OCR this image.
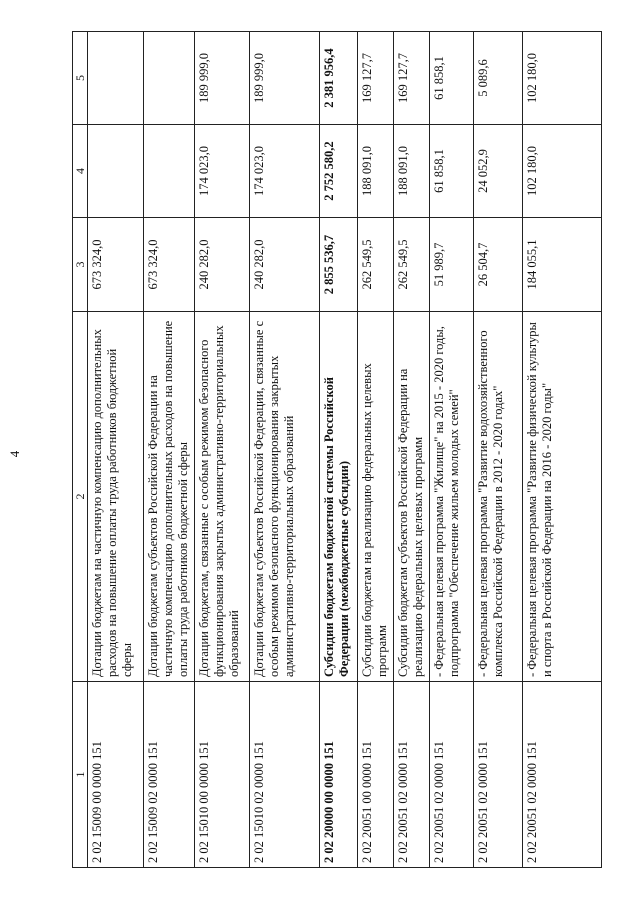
4
1	2	3	4	5
2 02 15009 00 0000 151	Дотации бюджетам на частичную компенсацию дополнительных расходов на повышение оплаты труда работников бюджетной сферы	673 324,0		
2 02 15009 02 0000 151	Дотации бюджетам субъектов Российской Федерации на частичную компенсацию дополнительных расходов на повышение оплаты труда работников бюджетной сферы	673 324,0		
2 02 15010 00 0000 151	Дотации бюджетам, связанные с особым режимом безопасного функционирования закрытых административно-территориальных образований	240 282,0	174 023,0	189 999,0
2 02 15010 02 0000 151	Дотации бюджетам субъектов Российской Федерации, связанные с особым режимом безопасного функционирования закрытых административно-территориальных образований	240 282,0	174 023,0	189 999,0
2 02 20000 00 0000 151	Субсидии бюджетам бюджетной системы Российской Федерации (межбюджетные субсидии)	2 855 536,7	2 752 580,2	2 381 956,4
2 02 20051 00 0000 151	Субсидии бюджетам на реализацию федеральных целевых программ	262 549,5	188 091,0	169 127,7
2 02 20051 02 0000 151	Субсидии бюджетам субъектов Российской Федерации на реализацию федеральных целевых программ	262 549,5	188 091,0	169 127,7
2 02 20051 02 0000 151	- Федеральная целевая программа "Жилище" на 2015 - 2020 годы, подпрограмма "Обеспечение жильем молодых семей"	51 989,7	61 858,1	61 858,1
2 02 20051 02 0000 151	- Федеральная целевая программа "Развитие водохозяйственного комплекса Российской Федерации в 2012 - 2020 годах"	26 504,7	24 052,9	5 089,6
2 02 20051 02 0000 151	- Федеральная целевая программа "Развитие физической культуры и спорта в Российской Федерации на 2016 - 2020 годы"	184 055,1	102 180,0	102 180,0
